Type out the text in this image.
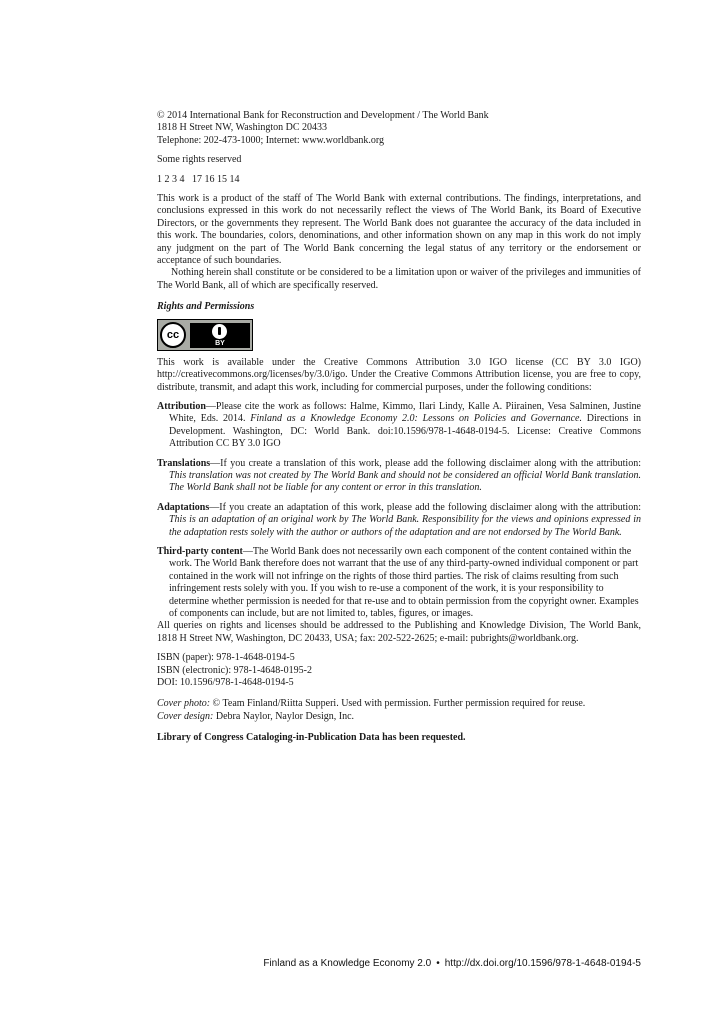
© 2014 International Bank for Reconstruction and Development / The World Bank
1818 H Street NW, Washington DC 20433
Telephone: 202-473-1000; Internet: www.worldbank.org

Some rights reserved

1 2 3 4   17 16 15 14

This work is a product of the staff of The World Bank with external contributions. The findings, interpretations, and conclusions expressed in this work do not necessarily reflect the views of The World Bank, its Board of Executive Directors, or the governments they represent. The World Bank does not guarantee the accuracy of the data included in this work. The boundaries, colors, denominations, and other information shown on any map in this work do not imply any judgment on the part of The World Bank concerning the legal status of any territory or the endorsement or acceptance of such boundaries.

Nothing herein shall constitute or be considered to be a limitation upon or waiver of the privileges and immunities of The World Bank, all of which are specifically reserved.

Rights and Permissions

cc
BY

This work is available under the Creative Commons Attribution 3.0 IGO license (CC BY 3.0 IGO) http://creativecommons.org/licenses/by/3.0/igo. Under the Creative Commons Attribution license, you are free to copy, distribute, transmit, and adapt this work, including for commercial purposes, under the following conditions:

Attribution—Please cite the work as follows: Halme, Kimmo, Ilari Lindy, Kalle A. Piirainen, Vesa Salminen, Justine White, Eds. 2014. Finland as a Knowledge Economy 2.0: Lessons on Policies and Governance. Directions in Development. Washington, DC: World Bank. doi:10.1596/978-1-4648-0194-5. License: Creative Commons Attribution CC BY 3.0 IGO

Translations—If you create a translation of this work, please add the following disclaimer along with the attribution: This translation was not created by The World Bank and should not be considered an official World Bank translation. The World Bank shall not be liable for any content or error in this translation.

Adaptations—If you create an adaptation of this work, please add the following disclaimer along with the attribution: This is an adaptation of an original work by The World Bank. Responsibility for the views and opinions expressed in the adaptation rests solely with the author or authors of the adaptation and are not endorsed by The World Bank.

Third-party content—The World Bank does not necessarily own each component of the content contained within the work. The World Bank therefore does not warrant that the use of any third-party-owned individual component or part contained in the work will not infringe on the rights of those third parties. The risk of claims resulting from such infringement rests solely with you. If you wish to re-use a component of the work, it is your responsibility to determine whether permission is needed for that re-use and to obtain permission from the copyright owner. Examples of components can include, but are not limited to, tables, figures, or images.

All queries on rights and licenses should be addressed to the Publishing and Knowledge Division, The World Bank, 1818 H Street NW, Washington, DC 20433, USA; fax: 202-522-2625; e-mail: pubrights@worldbank.org.

ISBN (paper): 978-1-4648-0194-5
ISBN (electronic): 978-1-4648-0195-2
DOI: 10.1596/978-1-4648-0194-5
Cover photo: © Team Finland/Riitta Supperi. Used with permission. Further permission required for reuse.
Cover design: Debra Naylor, Naylor Design, Inc.

Library of Congress Cataloging-in-Publication Data has been requested.

Finland as a Knowledge Economy 2.0 • http://dx.doi.org/10.1596/978-1-4648-0194-5
